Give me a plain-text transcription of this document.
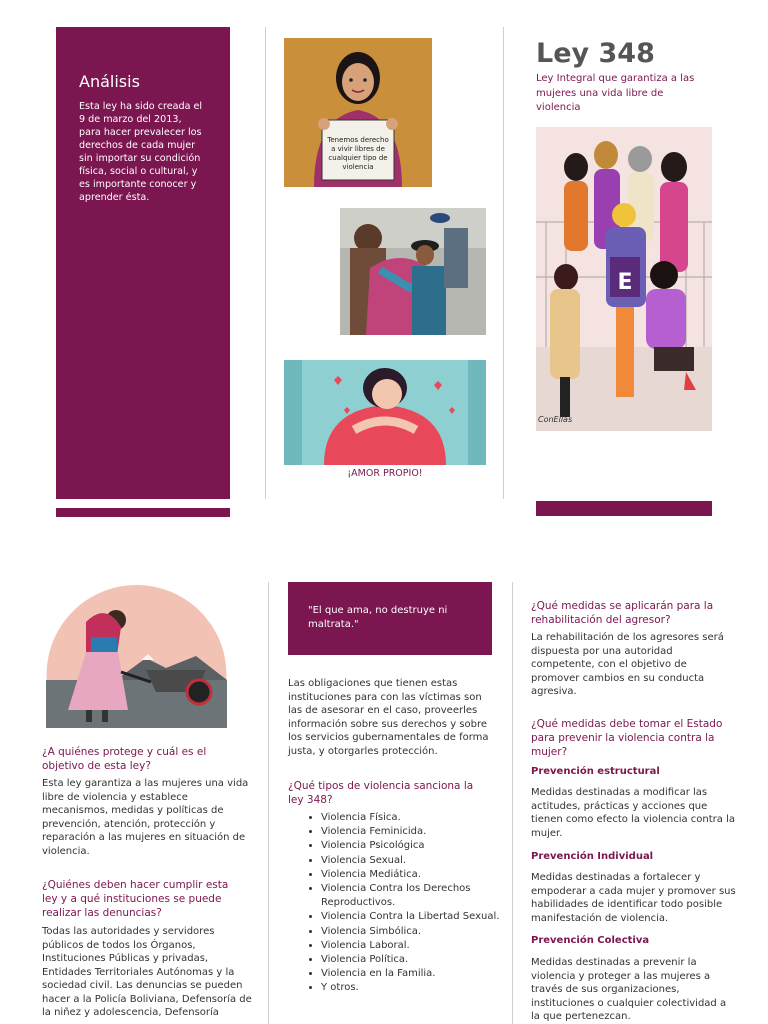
Análisis
Esta ley ha sido creada el 9 de marzo del 2013, para hacer prevalecer los derechos de cada mujer sin importar su condición física, social o cultural, y es importante conocer y aprender ésta.
Tenemos derecho a vivir libres de cualquier tipo de violencia
¡AMOR PROPIO!
Ley 348
Ley Integral que garantiza a las mujeres una vida libre de violencia
E
ConEllas
¿A quiénes protege y cuál es el objetivo de esta ley?
Esta ley garantiza a las mujeres una vida libre de violencia y establece mecanismos, medidas y políticas de prevención, atención, protección y reparación a las mujeres en situación de violencia.
¿Quiénes deben hacer cumplir esta ley y a qué instituciones se puede realizar las denuncias?
Todas las autoridades y servidores públicos de todos los Órganos, Instituciones Públicas y privadas, Entidades Territoriales Autónomas y la sociedad civil. Las denuncias se pueden hacer a la Policía Boliviana, Defensoría de la niñez y adolescencia, Defensoría
"El que ama, no destruye ni maltrata."
Las obligaciones que tienen estas instituciones para con las víctimas son las de asesorar en el caso, proveerles información sobre sus derechos y sobre los servicios gubernamentales de forma justa, y otorgarles protección.
¿Qué tipos de violencia sanciona la ley 348?
• Violencia Física.
• Violencia Feminicida.
• Violencia Psicológica
• Violencia Sexual.
• Violencia Mediática.
• Violencia Contra los Derechos Reproductivos.
• Violencia Contra la Libertad Sexual.
• Violencia Simbólica.
• Violencia Laboral.
• Violencia Política.
• Violencia en la Familia.
• Y otros.
¿Qué medidas se aplicarán para la rehabilitación del agresor?
La rehabilitación de los agresores será dispuesta por una autoridad competente, con el objetivo de promover cambios en su conducta agresiva.
¿Qué medidas debe tomar el Estado para prevenir la violencia contra la mujer?
Prevención estructural
Medidas destinadas a modificar las actitudes, prácticas y acciones que tienen como efecto la violencia contra la mujer.
Prevención Individual
Medidas destinadas a fortalecer y empoderar a cada mujer y promover sus habilidades de identificar todo posible manifestación de violencia.
Prevención Colectiva
Medidas destinadas a prevenir la violencia y proteger a las mujeres a través de sus organizaciones, instituciones o cualquier colectividad a la que pertenezcan.
